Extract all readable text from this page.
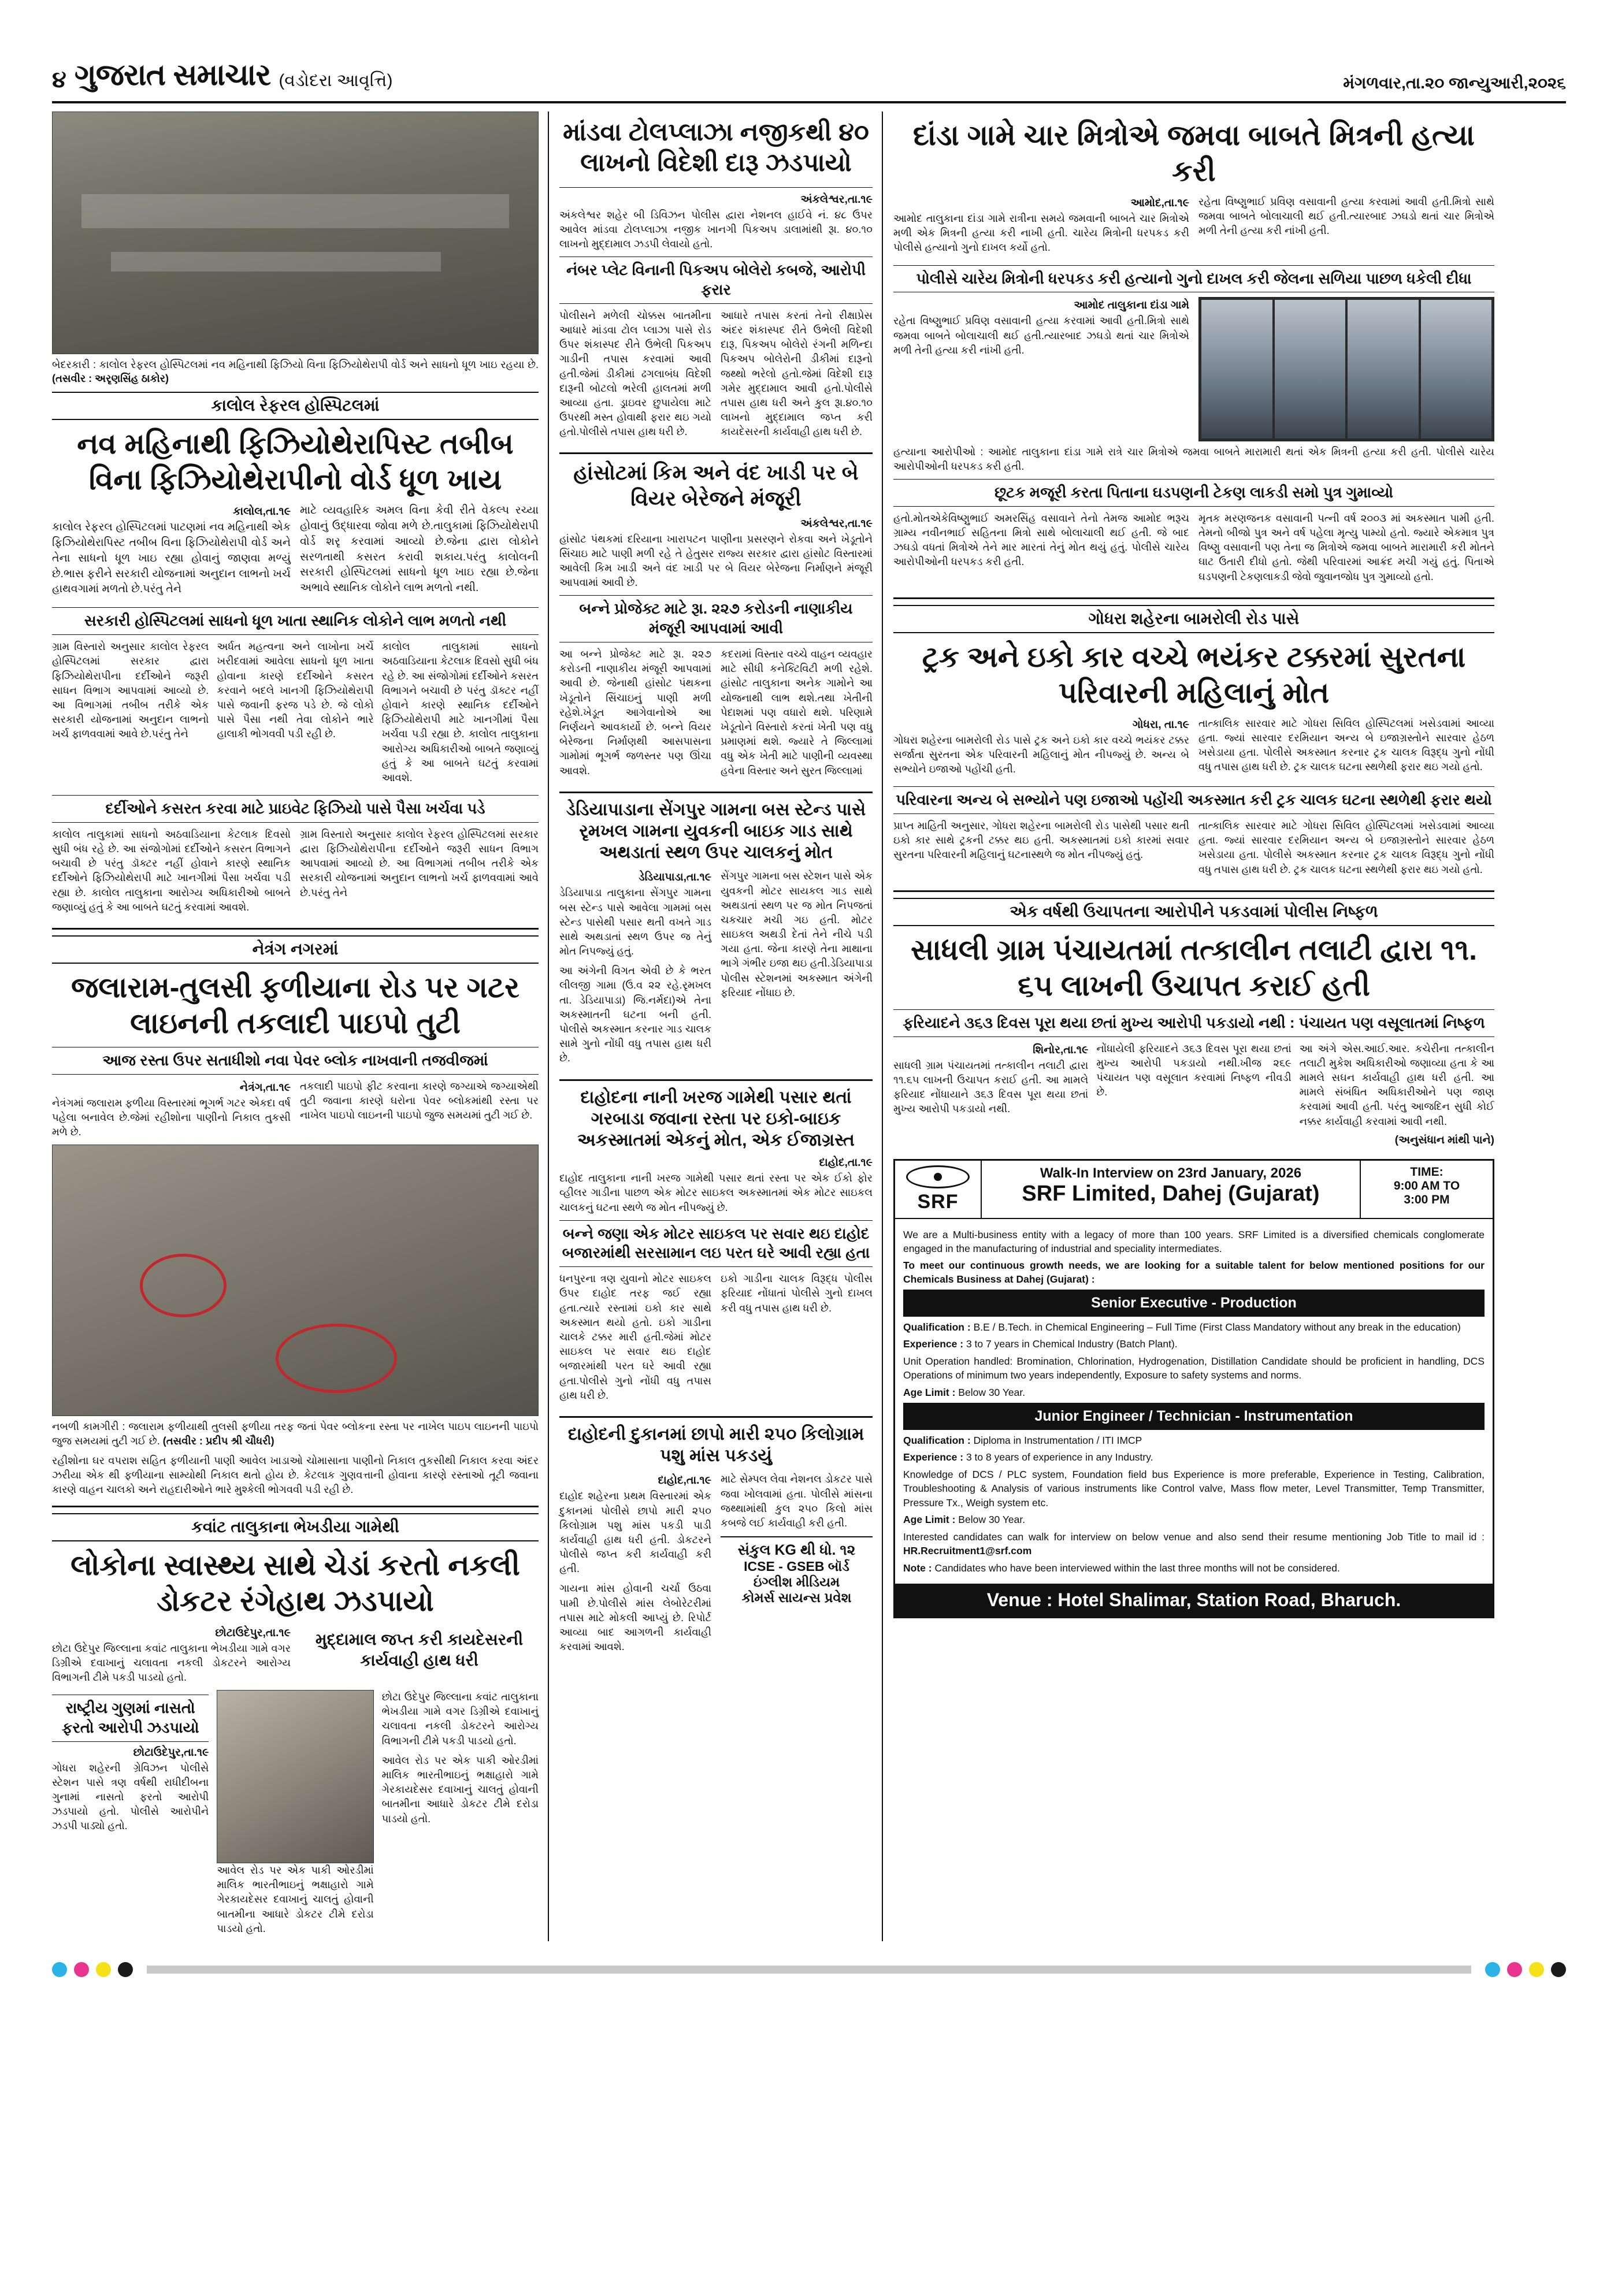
૪ ગુજરાત સમાચાર (વડોદરા આવૃત્તિ)	મંગળવાર,તા.૨૦ જાન્યુઆરી,૨૦૨૬
બેદરકારી : કાલોલ રેફરલ હોસ્પિટલમાં નવ મહિનાથી ફિઝિયો વિના ફિઝિયોથેરાપી વોર્ડ અને સાધનો ધૂળ ખાઇ રહયા છે. (તસવીર : અરૃણસિંહ ઠાકોર)
કાલોલ રેફરલ હોસ્પિટલમાં
નવ મહિનાથી ફિઝિયોથેરાપિસ્ટ તબીબ વિના ફિઝિયોથેરાપીનો વોર્ડ ધૂળ ખાય
કાલોલ,તા.૧૯

કાલોલ રેફરલ હોસ્પિટલમાં પાટણમાં નવ મહિનાથી એક ફિઝિયોથેરાપિસ્ટ તબીબ વિના ફિઝિયોથેરાપી વોર્ડ અને તેના સાધનો ધૂળ ખાઇ રહ્યા હોવાનું જાણવા મળ્યું છે.ભાસ ફરીને સરકારી યોજનામાં અનુદાન લાભનો ખર્ચ હાથવગામાં મળતો છે.પરંતુ તેને

માટે વ્યવહારિક અમલ વિના કેવી રીતે વેકલ્પ રચ્યા હોવાનું ઉદ્ધારવા જોવા મળે છે.તાલુકામાં ફિઝિયોથેરાપી વોર્ડ શરૃ કરવામાં આવ્યો છે.જેના દ્વારા લોકોને સરળતાથી કસરત કરાવી શકાય.પરંતુ કાલોલની સરકારી હોસ્પિટલમાં સાધનો ધૂળ ખાઇ રહ્યા છે.જેના અભાવે સ્થાનિક લોકોને લાભ મળતો નથી.

સરકારી હોસ્પિટલમાં સાધનો ધૂળ ખાતા સ્થાનિક લોકોને લાભ મળતો નથી

ગ્રામ વિસ્તારો અનુસાર કાલોલ રેફરલ હોસ્પિટલમાં સરકાર દ્વારા ફિઝિયોથેરાપીના દર્દીઓને જરૂરી સાધન વિભાગ આપવામાં આવ્યો છે. આ વિભાગમાં તબીબ તરીકે એક સરકારી યોજનામાં અનુદાન લાભનો ખર્ચ ફાળવવામાં આવે છે.પરંતુ તેને

અર્ધત મહત્વના અને લાખોના ખર્ચે ખરીદવામાં આવેલા સાધનો ધૂળ ખાતા હોવાના કારણે દર્દીઓને કસરત કરવાને બદલે ખાનગી ફિઝિયોથેરાપી પાસે જવાની ફરજ પડે છે. જે લોકો પાસે પૈસા નથી તેવા લોકોને ભારે હાલાકી ભોગવવી પડી રહી છે.

કાલોલ તાલુકામાં સાધનો અઠવાડિયાના કેટલાક દિવસો સુધી બંધ રહે છે. આ સંજોગોમાં દર્દીઓને કસરત વિભાગને બચાવી છે પરંતુ ડૉક્ટર નહીં હોવાને કારણે સ્થાનિક દર્દીઓને ફિઝિયોથેરાપી માટે ખાનગીમાં પૈસા ખર્ચવા પડી રહ્યા છે. કાલોલ તાલુકાના આરોગ્ય અધિકારીઓ બાબતે જણાવ્યું હતું કે આ બાબતે ઘટતું કરવામાં આવશે.

દર્દીઓને કસરત કરવા માટે પ્રાઇવેટ ફિઝિયો પાસે પૈસા ખર્ચવા પડે

કાલોલ તાલુકામાં સાધનો અઠવાડિયાના કેટલાક દિવસો સુધી બંધ રહે છે. આ સંજોગોમાં દર્દીઓને કસરત વિભાગને બચાવી છે પરંતુ ડૉક્ટર નહીં હોવાને કારણે સ્થાનિક દર્દીઓને ફિઝિયોથેરાપી માટે ખાનગીમાં પૈસા ખર્ચવા પડી રહ્યા છે. કાલોલ તાલુકાના આરોગ્ય અધિકારીઓ બાબતે જણાવ્યું હતું કે આ બાબતે ઘટતું કરવામાં આવશે.

ગ્રામ વિસ્તારો અનુસાર કાલોલ રેફરલ હોસ્પિટલમાં સરકાર દ્વારા ફિઝિયોથેરાપીના દર્દીઓને જરૂરી સાધન વિભાગ આપવામાં આવ્યો છે. આ વિભાગમાં તબીબ તરીકે એક સરકારી યોજનામાં અનુદાન લાભનો ખર્ચ ફાળવવામાં આવે છે.પરંતુ તેને

નેત્રંગ નગરમાં
જલારામ-તુલસી ફળીયાના રોડ પર ગટર લાઇનની તકલાદી પાઇપો તુટી
આજ રસ્તા ઉપર સતાધીશો નવા પેવર બ્લોક નાખવાની તજવીજમાં
નેત્રંગ,તા.૧૯

નેત્રંગમાં જલારામ ફળીયા વિસ્તારમાં ભૂગર્ભ ગટર એકદા વર્ષ પહેલા બનાવેલ છે.જેમાં રહીશોના પાણીનો નિકાલ તુકસી મળે છે.

તકલાદી પાઇપો ફીટ કરવાના કારણે જગ્યાએ જગ્યાએથી તુટી જવાના કારણે ઘરોના પેવર બ્લોકમાંથી રસ્તા પર નાખેલ પાઇપો લાઇનની પાઇપો જુજ સમયમાં તુટી ગઈ છે.

નબળી કામગીરી : જલારામ ફળીયાથી તુલસી ફળીયા તરફ જતાં પેવર બ્લોકના રસ્તા પર નાખેલ પાઇપ લાઇનની પાઇપો જુજ સમયમાં તુટી ગઈ છે. (તસવીર : પ્રદીપ શ્રી ચૌધરી)

રહીશોના ઘર વપરાશ સહિત ફળીયાની પાણી આવેલ ખાડાઓ ચોમાસાના પાણીનો નિકાલ તુકસીથી નિકાલ કરવા અંદર ઝરીયા એક થી ફળીયાના સામ્યોથી નિકાલ થતો હોય છે. કેટલાક ગુણવત્તાની હોવાના કારણે રસ્તાઓ તૂટી જવાના કારણે વાહન ચાલકો અને રાહદારીઓને ભારે મુશ્કેલી ભોગવવી પડી રહી છે.

કવાંટ તાલુકાના ભેખડીયા ગામેથી
લોકોના સ્વાસ્થ્ય સાથે ચેડાં કરતો નકલી ડોકટર રંગેહાથ ઝડપાયો
છોટાઉદેપુર,તા.૧૯

છોટા ઉદેપુર જિલ્લાના કવાંટ તાલુકાના ભેખડીયા ગામે વગર ડિગ્રીએ દવાખાનું ચલાવતા નકલી ડોકટરને આરોગ્ય વિભાગની ટીમે પકડી પાડયો હતો.

મુદ્દામાલ જપ્ત કરી કાયદેસરની કાર્યવાહી હાથ ધરી
રાષ્ટ્રીય ગુણમાં નાસતો ફરતો આરોપી ઝડપાયો
છોટાઉદેપુર,તા.૧૯

ગોધરા શહેરની ગ્રેવિઝન પોલીસે સ્ટેશન પાસે ત્રણ વર્ષથી રાધીદીબના ગુનામાં નાસતો ફરતો આરોપી ઝડપાયો હતો. પોલીસે આરોપીને ઝડપી પાડ્યો હતો.

આવેલ રોડ પર એક પાકી ઓરડીમાં માલિક ભારતીભાઇનું ભક્ષાહારો ગામે ગેરકાયદેસર દવાખાનું ચાલતું હોવાની બાતમીના આધારે ડોકટર ટીમે દરોડા પાડયો હતો.

છોટા ઉદેપુર જિલ્લાના કવાંટ તાલુકાના ભેખડીયા ગામે વગર ડિગ્રીએ દવાખાનું ચલાવતા નકલી ડોકટરને આરોગ્ય વિભાગની ટીમે પકડી પાડયો હતો.

આવેલ રોડ પર એક પાકી ઓરડીમાં માલિક ભારતીભાઇનું ભક્ષાહારો ગામે ગેરકાયદેસર દવાખાનું ચાલતું હોવાની બાતમીના આધારે ડોકટર ટીમે દરોડા પાડયો હતો.

માંડવા ટોલપ્લાઝા નજીકથી ૪૦ લાખનો વિદેશી દારૂ ઝડપાયો
અંકલેશ્વર,તા.૧૯

અંકલેશ્વર શહેર બી ડિવિઝન પોલીસ દ્વારા નેશનલ હાઈવે નં. ૪૮ ઉપર આવેલ માંડવા ટોલપ્લાઝા નજીક ખાનગી પિકઅપ ડાલામાંથી રૂા. ૪૦.૧૦ લાખનો મુદ્દામાલ ઝડપી લેવાયો હતો.

નંબર પ્લેટ વિનાની પિકઅપ બોલેરો કબજે, આરોપી ફરાર

પોલીસને મળેલી ચોક્કસ બાતમીના આધારે માંડવા ટોલ પ્લાઝા પાસે રોડ ઉપર શંકાસ્પદ રીતે ઉભેલી પિકઅપ ગાડીની તપાસ કરવામાં આવી હતી.જેમાં ડીકીમાં ઢગલાબંધ વિદેશી દારૂની બોટલો ભરેલી હાલતમાં મળી આવ્યા હતા. ડ્રાઇવર છુપાયેલા માટે ઉપરથી મસ્ત હોવાથી ફરાર થઇ ગયો હતો.પોલીસે તપાસ હાથ ધરી છે.

આધારે તપાસ કરતાં તેનો રીક્ષાપ્રેસ અંદર શંકાસ્પદ રીતે ઉભેલી વિદેશી દારૂ, પિકઅપ બોલેરો રંગની મળિન્દા પિકઅપ બોલેરોની ડીકીમાં દારૂનો જથ્થો ભરેલો હતો.જેમાં વિદેશી દારૂ ગમેર મુદ્દામાલ આવી હતો.પોલીસે તપાસ હાથ ધરી અને કુલ રૂા.૪૦.૧૦ લાખનો મુદ્દામાલ જપ્ત કરી કાયદેસરની કાર્યવાહી હાથ ધરી છે.

હાંસોટમાં કિમ અને વંદ ખાડી પર બે વિયર બેરેજને મંજૂરી
અંકલેશ્વર,તા.૧૯

હાંસોટ પંથકમાં દરિયાના ખારાપટન પાણીના પ્રસરણને રોકવા અને ખેડૂતોને સિંચાઇ માટે પાણી મળી રહે તે હેતુસર રાજ્ય સરકાર દ્વારા હાંસોટ વિસ્તારમાં આવેલી કિમ ખાડી અને વંદ ખાડી પર બે વિયર બેરેજના નિર્માણને મંજૂરી આપવામાં આવી છે.

બન્ને પ્રોજેક્ટ માટે રૂા. ૨૨૭ કરોડની નાણાકીય મંજૂરી આપવામાં આવી

આ બન્ને પ્રોજેક્ટ માટે રૂા. ૨૨૭ કરોડની નાણાકીય મંજૂરી આપવામાં આવી છે. જેનાથી હાંસોટ પંથકના ખેડૂતોને સિંચાઇનું પાણી મળી રહેશે.ખેડૂત આગેવાનોએ આ નિર્ણયને આવકાર્યો છે. બન્ને વિયર બેરેજના નિર્માણથી આસપાસના ગામોમાં ભૂગર્ભ જળસ્તર પણ ઊંચા આવશે.

કદરામાં વિસ્તાર વચ્ચે વાહન વ્યવહાર માટે સીધી કનેક્ટિવિટી મળી રહેશે. હાંસોટ તાલુકાના અનેક ગામોને આ યોજનાથી લાભ થશે.તથા ખેતીની પેદાશમાં પણ વધારો થશે. પરિણામે ખેડૂતોને વિસ્તારો કરતાં ખેતી પણ વધુ પ્રમાણમાં થશે. જ્યારે તે જિલ્લામાં વધુ એક ખેતી માટે પાણીની વ્યવસ્થા હવેના વિસ્તાર અને સુરત જિલ્લામાં

ડેડિયાપાડાના સેંગપુર ગામના બસ સ્ટેન્ડ પાસે રૃમખલ ગામના યુવકની બાઇક ગાડ સાથે અથડાતાં સ્થળ ઉપર ચાલકનું મોત
ડેડિયાપાડા,તા.૧૯

ડેડિયાપાડા તાલુકાના સેંગપુર ગામના બસ સ્ટેન્ડ પાસે આવેલા ગામમાં બસ સ્ટેન્ડ પાસેથી પસાર થતી વખતે ગાડ સાથે અથડાતાં સ્થળ ઉપર જ તેનું મોત નિપજ્યું હતું.

આ અંગેની વિગત એવી છે કે ભરત લીલજી ગામા (ઉ.વ ૨૨ રહે.રૃમખલ તા. ડેડિયાપાડા) જિ.નર્મદા)એ તેના અકસ્માતની ઘટના બની હતી. પોલીસે અકસ્માત કરનાર ગાડ ચાલક સામે ગુનો નોંધી વધુ તપાસ હાથ ધરી છે.

સેંગપુર ગામના બસ સ્ટેશન પાસે એક યુવકની મોટર સાયકલ ગાડ સાથે અથડાતાં સ્થળ પર જ મોત નિપજતાં ચકચાર મચી ગઇ હતી. મોટર સાઇકલ અથડી દેતાં તેને નીચે પડી ગયા હતા. જેના કારણે તેના માથાના ભાગે ગંભીર ઇજા થઇ હતી.ડેડિયાપાડા પોલીસ સ્ટેશનમાં અકસ્માત અંગેની ફરિયાદ નોંધાઇ છે.

દાહોદના નાની ખરજ ગામેથી પસાર થતાં ગરબાડા જવાના રસ્તા પર ઇકો-બાઇક અકસ્માતમાં એકનું મોત, એક ઈજાગ્રસ્ત
દાહોદ,તા.૧૯

દાહોદ તાલુકાના નાની ખરજ ગામેથી પસાર થતાં રસ્તા પર એક ઈકો ફોર વ્હીલર ગાડીના પાછળ એક મોટર સાઇકલ અકસ્માતમાં એક મોટર સાઇકલ ચાલકનું ઘટના સ્થળે જ મોત નીપજ્યું છે.

બન્ને જણા એક મોટર સાઇકલ પર સવાર થઇ દાહોદ બજારમાંથી સરસામાન લઇ પરત ઘરે આવી રહ્યા હતા

ધનપુરના ત્રણ યુવાનો મોટર સાઇકલ ઉપર દાહોદ તરફ જઈ રહ્યા હતા.ત્યારે રસ્તામાં ઇકો કાર સાથે અકસ્માત થયો હતો. ઇકો ગાડીના ચાલકે ટક્કર મારી હતી.જેમાં મોટર સાઇકલ પર સવાર થઇ દાહોદ બજારમાંથી પરત ઘરે આવી રહ્યા હતા.પોલીસે ગુનો નોંધી વધુ તપાસ હાથ ધરી છે.

ઇકો ગાડીના ચાલક વિરૂદ્ધ પોલીસ ફરિયાદ નોંધાતાં પોલીસે ગુનો દાખલ કરી વધુ તપાસ હાથ ધરી છે.

દાહોદની દુકાનમાં છાપો મારી ૨૫૦ કિલોગ્રામ પશુ માંસ પકડયું
દાહોદ,તા.૧૯

દાહોદ શહેરના પ્રથમ વિસ્તારમાં એક દુકાનમાં પોલીસે છાપો મારી ૨૫૦ કિલોગ્રામ પશુ માંસ પકડી પાડી કાર્યવાહી હાથ ધરી હતી. ડોકટરને પોલીસે જપ્ત કરી કાર્યવાહી કરી હતી.

ગાયના માંસ હોવાની ચર્ચા ઉઠવા પામી છે.પોલીસે માંસ લેબોરેટરીમાં તપાસ માટે મોકલી આપ્યું છે. રિપોર્ટ આવ્યા બાદ આગળની કાર્યવાહી કરવામાં આવશે.

માટે સેમ્પલ લેવા નેશનલ ડોકટર પાસે જવા ખોલવામાં હતા. પોલીસે માંસના જથ્થામાંથી કુલ ૨૫૦ કિલો માંસ કબજે લઈ કાર્યવાહી કરી હતી.

સંકુલ KG થી ધો. ૧૨
ICSE - GSEB બૉર્ડ
ઇંગ્લીશ મીડિયમ
કોમર્સ સાયન્સ પ્રવેશ
દાંડા ગામે ચાર મિત્રોએ જમવા બાબતે મિત્રની હત્યા કરી
આમોદ,તા.૧૯

આમોદ તાલુકાના દાંડા ગામે રાત્રીના સમયે જમવાની બાબતે ચાર મિત્રોએ મળી એક મિત્રની હત્યા કરી નાખી હતી. ચારેય મિત્રોની ધરપકડ કરી પોલીસે હત્યાનો ગુનો દાખલ કર્યો હતો.

રહેતા વિષ્ણુભાઈ પ્રવિણ વસાવાની હત્યા કરવામાં આવી હતી.મિત્રો સાથે જમવા બાબતે બોલાચાલી થઈ હતી.ત્યારબાદ ઝઘડો થતાં ચાર મિત્રોએ મળી તેની હત્યા કરી નાંખી હતી.

પોલીસે ચારેય મિત્રોની ધરપકડ કરી હત્યાનો ગુનો દાખલ કરી જેલના સળિયા પાછળ ધકેલી દીધા
આમોદ તાલુકાના દાંડા ગામે

રહેતા વિષ્ણુભાઈ પ્રવિણ વસાવાની હત્યા કરવામાં આવી હતી.મિત્રો સાથે જમવા બાબતે બોલાચાલી થઈ હતી.ત્યારબાદ ઝઘડો થતાં ચાર મિત્રોએ મળી તેની હત્યા કરી નાંખી હતી.

હત્યાના આરોપીઓ : આમોદ તાલુકાના દાંડા ગામે રાત્રે ચાર મિત્રોએ જમવા બાબતે મારામારી થતાં એક મિત્રની હત્યા કરી હતી. પોલીસે ચારેય આરોપીઓની ધરપકડ કરી હતી.
છૂટક મજૂરી કરતા પિતાના ઘડપણની ટેકણ લાકડી સમો પુત્ર ગુમાવ્યો

હતો.મોતએકેવિષ્ણુભાઈ અમરસિંહ વસાવાને તેનો તેમજ આમોદ ભરૂચ ગ્રામ્ય નવીનભાઈ સહિતના મિત્રો સાથે બોલાચાલી થઈ હતી. જે બાદ ઝઘડો વધતાં મિત્રોએ તેને માર મારતાં તેનું મોત થયું હતું. પોલીસે ચારેય આરોપીઓની ધરપકડ કરી હતી.

મૃતક મરણજનક વસાવાની પત્ની વર્ષ ૨૦૦૩ માં અકસ્માત પામી હતી. તેમનો બીજો પુત્ર અને વર્ષ પહેલા મૃત્યુ પામ્યો હતો. જ્યારે એકમાત્ર પુત્ર વિષ્ણુ વસાવાની પણ તેના જ મિત્રોએ જમવા બાબતે મારામારી કરી મોતને ઘાટ ઉતારી દીધો હતો. જેથી પરિવારમાં આક્રંદ મચી ગયું હતું. પિતાએ ઘડપણની ટેકણલાકડી જેવો જુવાનજોધ પુત્ર ગુમાવ્યો હતો.

ગોધરા શહેરના બામરોલી રોડ પાસે
ટ્રક અને ઇકો કાર વચ્ચે ભયંકર ટક્કરમાં સુરતના પરિવારની મહિલાનું મોત
ગોધરા, તા.૧૯

ગોધરા શહેરના બામરોલી રોડ પાસે ટ્રક અને ઇકો કાર વચ્ચે ભયંકર ટક્કર સર્જાતા સુરતના એક પરિવારની મહિલાનું મોત નીપજ્યું છે. અન્ય બે સભ્યોને ઇજાઓ પહોંચી હતી.

તાત્કાલિક સારવાર માટે ગોધરા સિવિલ હોસ્પિટલમાં ખસેડવામાં આવ્યા હતા. જ્યાં સારવાર દરમિયાન અન્ય બે ઇજાગ્રસ્તોને સારવાર હેઠળ ખસેડાયા હતા. પોલીસે અકસ્માત કરનાર ટ્રક ચાલક વિરૂદ્ધ ગુનો નોંધી વધુ તપાસ હાથ ધરી છે. ટ્રક ચાલક ઘટના સ્થળેથી ફરાર થઇ ગયો હતો.

પરિવારના અન્ય બે સભ્યોને પણ ઇજાઓ પહોંચી અકસ્માત કરી ટ્રક ચાલક ઘટના સ્થળેથી ફરાર થયો

પ્રાપ્ત માહિતી અનુસાર, ગોધરા શહેરના બામરોલી રોડ પાસેથી પસાર થતી ઇકો કાર સાથે ટ્રકની ટક્કર થઇ હતી. અકસ્માતમાં ઇકો કારમાં સવાર સુરતના પરિવારની મહિલાનું ઘટનાસ્થળે જ મોત નીપજ્યું હતું.

તાત્કાલિક સારવાર માટે ગોધરા સિવિલ હોસ્પિટલમાં ખસેડવામાં આવ્યા હતા. જ્યાં સારવાર દરમિયાન અન્ય બે ઇજાગ્રસ્તોને સારવાર હેઠળ ખસેડાયા હતા. પોલીસે અકસ્માત કરનાર ટ્રક ચાલક વિરૂદ્ધ ગુનો નોંધી વધુ તપાસ હાથ ધરી છે. ટ્રક ચાલક ઘટના સ્થળેથી ફરાર થઇ ગયો હતો.

એક વર્ષથી ઉચાપતના આરોપીને પકડવામાં પોલીસ નિષ્ફળ
સાધલી ગ્રામ પંચાયતમાં તત્કાલીન તલાટી દ્વારા ૧૧. ૬૫ લાખની ઉચાપત કરાઈ હતી
ફરિયાદને ૩૬૩ દિવસ પૂરા થયા છતાં મુખ્ય આરોપી પકડાયો નથી : પંચાયત પણ વસૂલાતમાં નિષ્ફળ
શિનોર,તા.૧૯

સાધલી ગ્રામ પંચાયતમાં તત્કાલીન તલાટી દ્વારા ૧૧.૬૫ લાખની ઉચાપત કરાઈ હતી. આ મામલે ફરિયાદ નોંધાયાને ૩૬૩ દિવસ પૂરા થયા છતાં મુખ્ય આરોપી પકડાયો નથી.

નોંધાયેલી ફરિયાદને ૩૬૩ દિવસ પૂરા થયા છતાં મુખ્ય આરોપી પકડાયો નથી.ખીજ ૨૬૯ પંચાયત પણ વસૂલાત કરવામાં નિષ્ફળ નીવડી છે.

આ અંગે એસ.આઈ.આર. કચેરીના તત્કાલીન તલાટી મુકેશ અધિકારીઓ જણાવ્યા હતા કે આ મામલે સઘન કાર્યવાહી હાથ ધરી હતી. આ મામલે સંબંધિત અધિકારીઓને પણ જાણ કરવામાં આવી હતી. પરંતુ આજદિન સુધી કોઈ નક્કર કાર્યવાહી કરવામાં આવી નથી.

(અનુસંધાન માંથી પાને)
SRF
Walk-In Interview on 23rd January, 2026
SRF Limited, Dahej (Gujarat)
TIME:
9:00 AM TO
3:00 PM
We are a Multi-business entity with a legacy of more than 100 years. SRF Limited is a diversified chemicals conglomerate engaged in the manufacturing of industrial and speciality intermediates.
To meet our continuous growth needs, we are looking for a suitable talent for below mentioned positions for our Chemicals Business at Dahej (Gujarat) :
Senior Executive - Production
Qualification : B.E / B.Tech. in Chemical Engineering – Full Time (First Class Mandatory without any break in the education)
Experience : 3 to 7 years in Chemical Industry (Batch Plant).
Unit Operation handled: Bromination, Chlorination, Hydrogenation, Distillation Candidate should be proficient in handling, DCS Operations of minimum two years independently, Exposure to safety systems and norms.
Age Limit : Below 30 Year.
Junior Engineer / Technician - Instrumentation
Qualification : Diploma in Instrumentation / ITI IMCP
Experience : 3 to 8 years of experience in any Industry.
Knowledge of DCS / PLC system, Foundation field bus Experience is more preferable, Experience in Testing, Calibration, Troubleshooting & Analysis of various instruments like Control valve, Mass flow meter, Level Transmitter, Temp Transmitter, Pressure Tx., Weigh system etc.
Age Limit : Below 30 Year.
Interested candidates can walk for interview on below venue and also send their resume mentioning Job Title to mail id : HR.Recruitment1@srf.com
Note : Candidates who have been interviewed within the last three months will not be considered.
Venue : Hotel Shalimar, Station Road, Bharuch.
